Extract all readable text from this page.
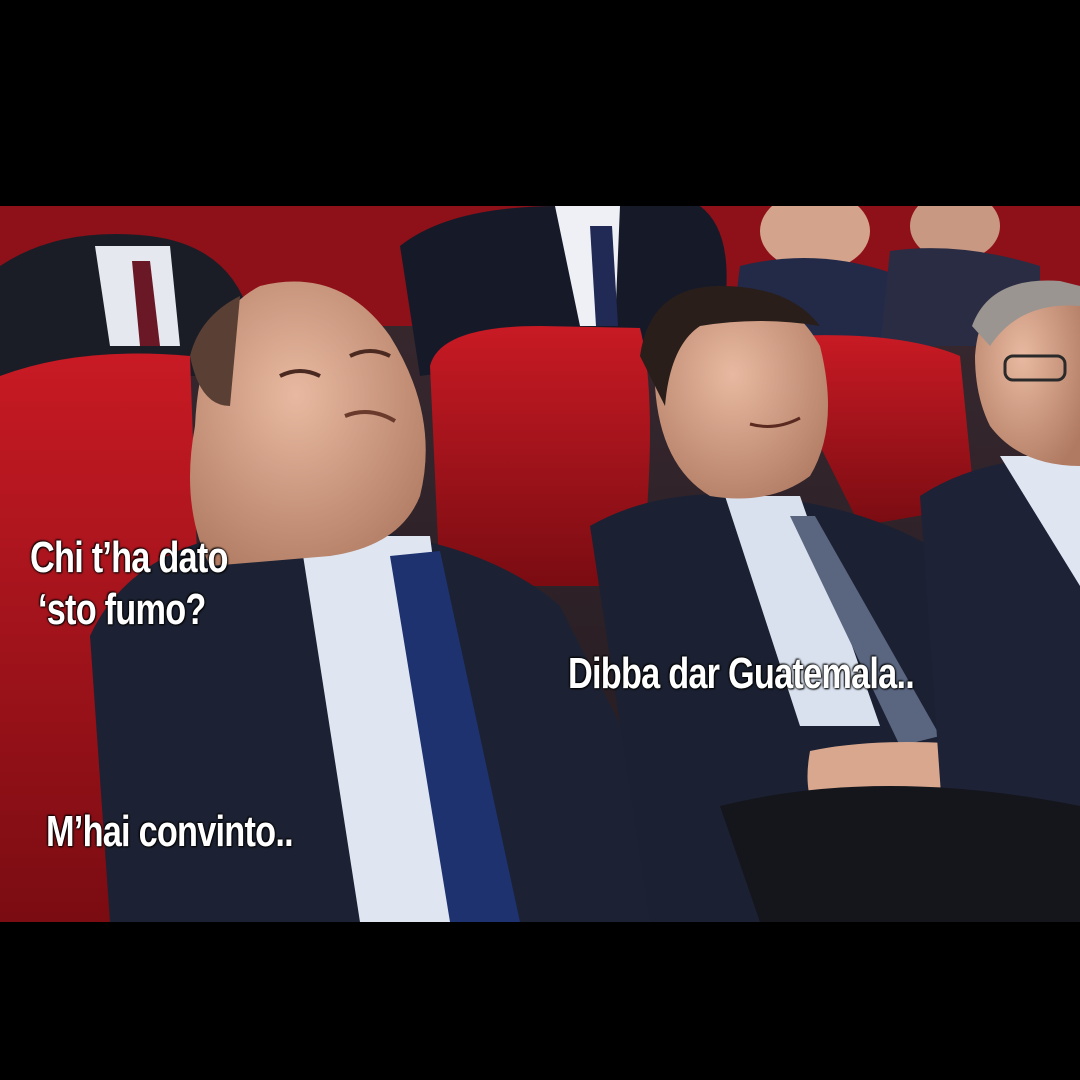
Chi t’ha dato
‘sto fumo?
Dibba dar Guatemala..
M’hai convinto..
